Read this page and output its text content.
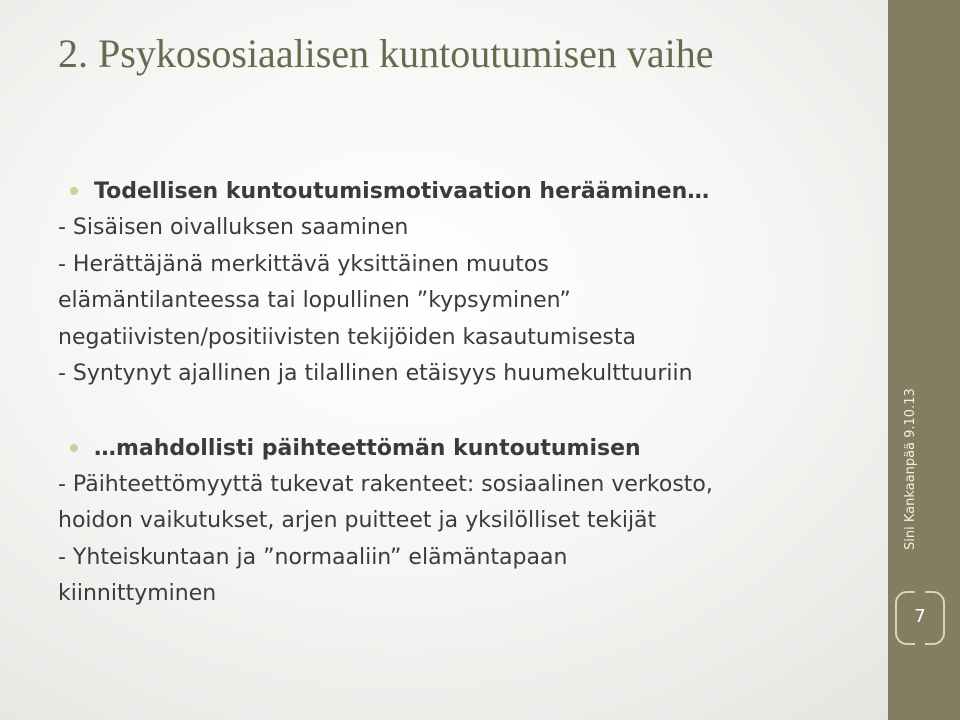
2. Psykososiaalisen kuntoutumisen vaihe
Todellisen kuntoutumismotivaation herääminen…
- Sisäisen oivalluksen saaminen
- Herättäjänä merkittävä yksittäinen muutos
elämäntilanteessa tai lopullinen ”kypsyminen”
negatiivisten/positiivisten tekijöiden kasautumisesta
- Syntynyt ajallinen ja tilallinen etäisyys huumekulttuuriin
…mahdollisti päihteettömän kuntoutumisen
- Päihteettömyyttä tukevat rakenteet: sosiaalinen verkosto,
hoidon vaikutukset, arjen puitteet ja yksilölliset tekijät
- Yhteiskuntaan ja ”normaaliin” elämäntapaan
kiinnittyminen
Sini Kankaanpää 9.10.13
7
